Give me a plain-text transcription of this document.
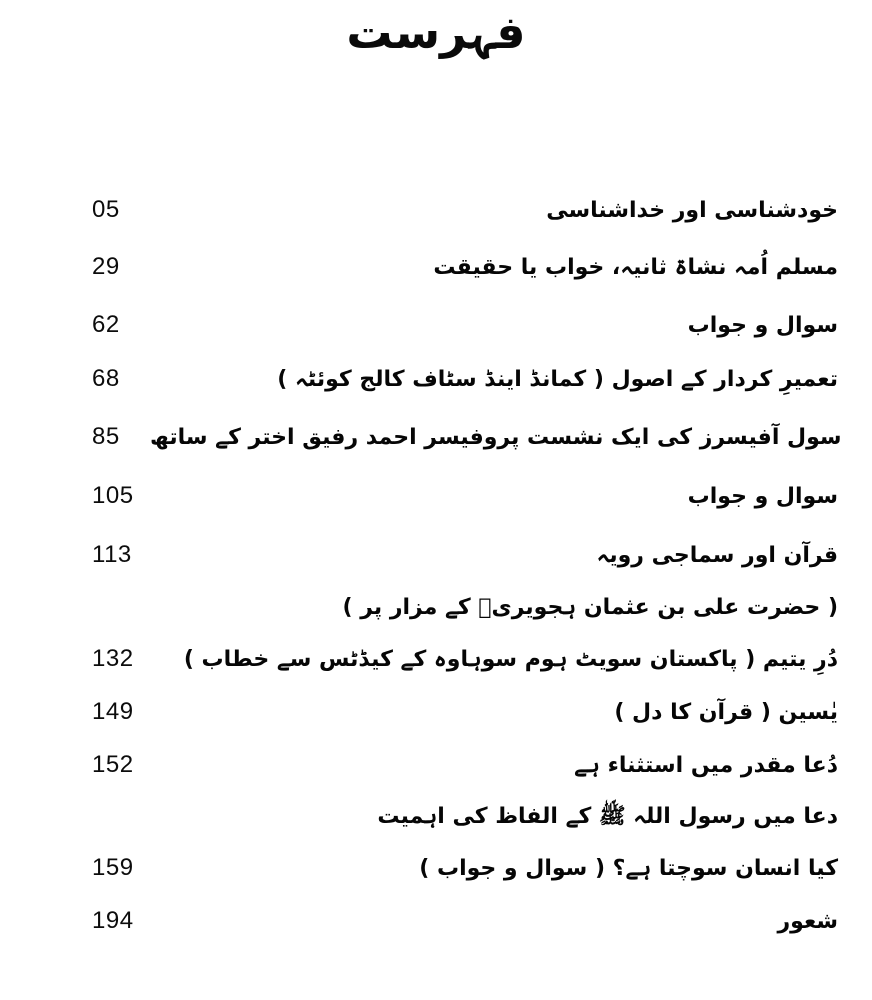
فہرست
05	خودشناسی اور خداشناسی
29	مسلم اُمہ نشاۃ ثانیہ، خواب یا حقیقت
62	سوال و جواب
68	تعمیرِ کردار کے اصول ( کمانڈ اینڈ سٹاف کالج کوئٹہ )
85	سول آفیسرز کی ایک نشست پروفیسر احمد رفیق اختر کے ساتھ
105	سوال و جواب
113	قرآن اور سماجی رویہ
( حضرت علی بن عثمان ہجویریؒ کے مزار پر )
132	دُرِ یتیم ( پاکستان سویٹ ہوم سوہاوہ کے کیڈٹس سے خطاب )
149	یٰسین ( قرآن کا دل )
152	دُعا مقدر میں استثناء ہے
دعا میں رسول اللہ ﷺ کے الفاظ کی اہمیت
159	کیا انسان سوچتا ہے؟ ( سوال و جواب )
194	شعور
